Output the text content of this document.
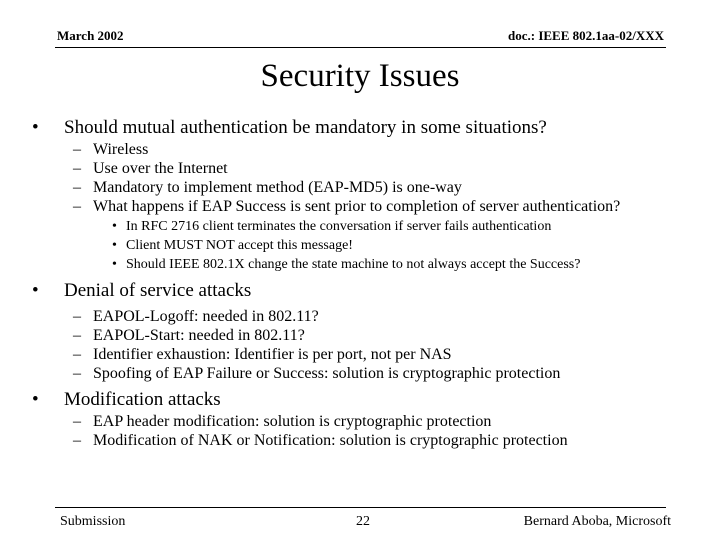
March 2002	doc.: IEEE 802.1aa-02/XXX
Security Issues
• Should mutual authentication be mandatory in some situations?
– Wireless
– Use over the Internet
– Mandatory to implement method (EAP-MD5) is one-way
– What happens if EAP Success is sent prior to completion of server authentication?
• In RFC 2716 client terminates the conversation if server fails authentication
• Client MUST NOT accept this message!
• Should IEEE 802.1X change the state machine to not always accept the Success?
• Denial of service attacks
– EAPOL-Logoff: needed in 802.11?
– EAPOL-Start: needed in 802.11?
– Identifier exhaustion: Identifier is per port, not per NAS
– Spoofing of EAP Failure or Success: solution is cryptographic protection
• Modification attacks
– EAP header modification: solution is cryptographic protection
– Modification of NAK or Notification: solution is cryptographic protection
Submission	22	Bernard Aboba, Microsoft
